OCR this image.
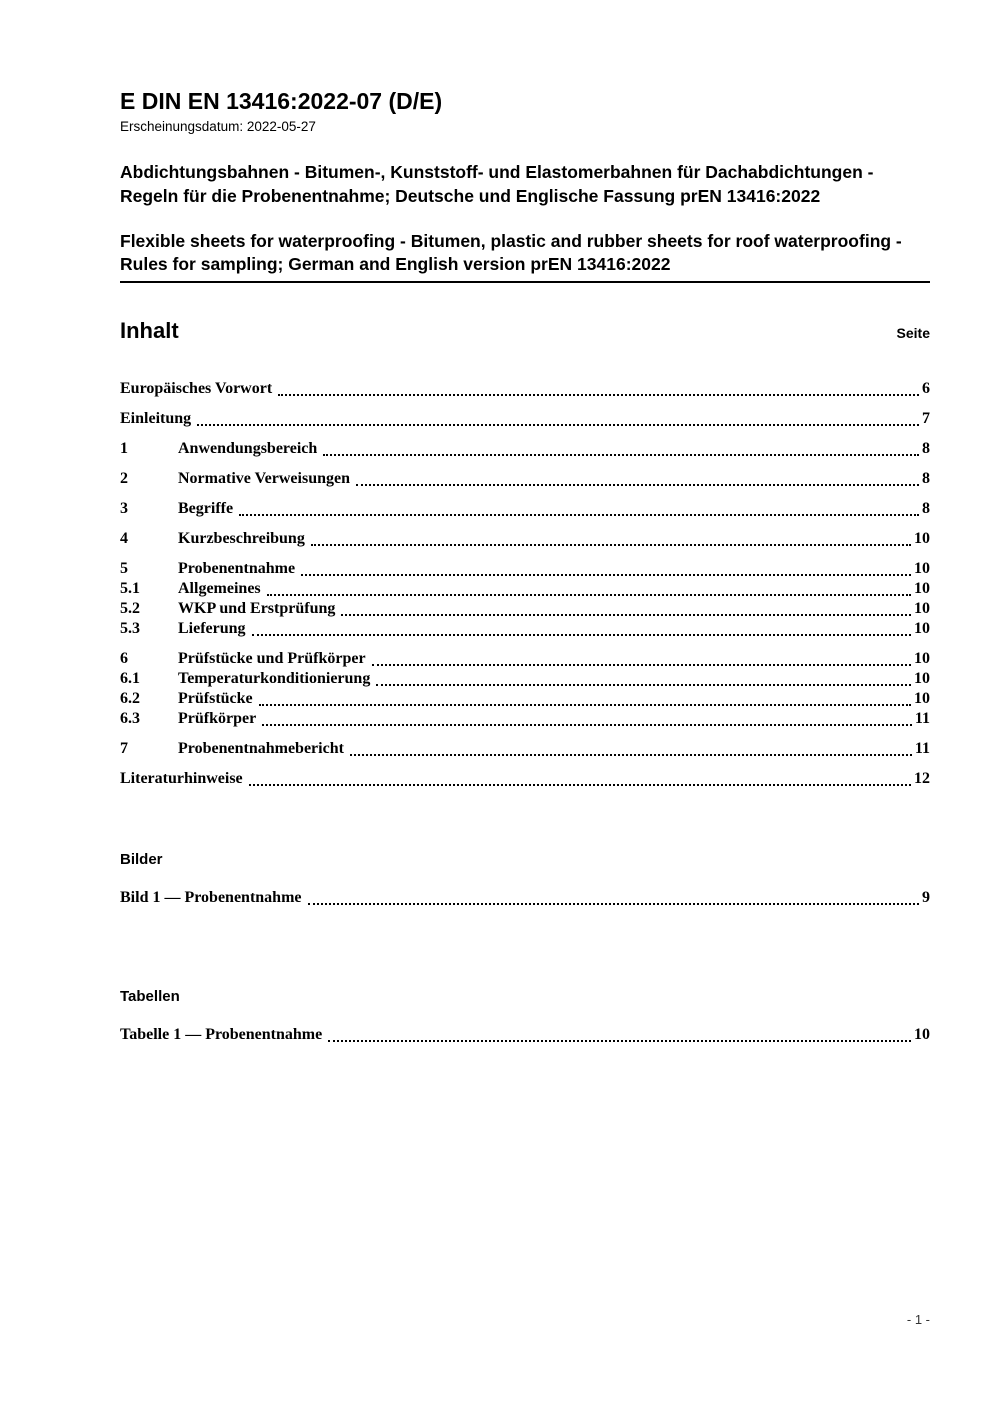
E DIN EN 13416:2022-07 (D/E)
Erscheinungsdatum: 2022-05-27

Abdichtungsbahnen - Bitumen-, Kunststoff- und Elastomerbahnen für Dachabdichtungen - Regeln für die Probenentnahme; Deutsche und Englische Fassung prEN 13416:2022

Flexible sheets for waterproofing - Bitumen, plastic and rubber sheets for roof waterproofing - Rules for sampling; German and English version prEN 13416:2022

Inhalt	Seite
Europäisches Vorwort	6
Einleitung	7
1	Anwendungsbereich	8
2	Normative Verweisungen	8
3	Begriffe	8
4	Kurzbeschreibung	10
5	Probenentnahme	10
5.1	Allgemeines	10
5.2	WKP und Erstprüfung	10
5.3	Lieferung	10
6	Prüfstücke und Prüfkörper	10
6.1	Temperaturkonditionierung	10
6.2	Prüfstücke	10
6.3	Prüfkörper	11
7	Probenentnahmebericht	11
Literaturhinweise	12
Bilder
Bild 1 — Probenentnahme	9
Tabellen
Tabelle 1 — Probenentnahme	10
- 1 -
